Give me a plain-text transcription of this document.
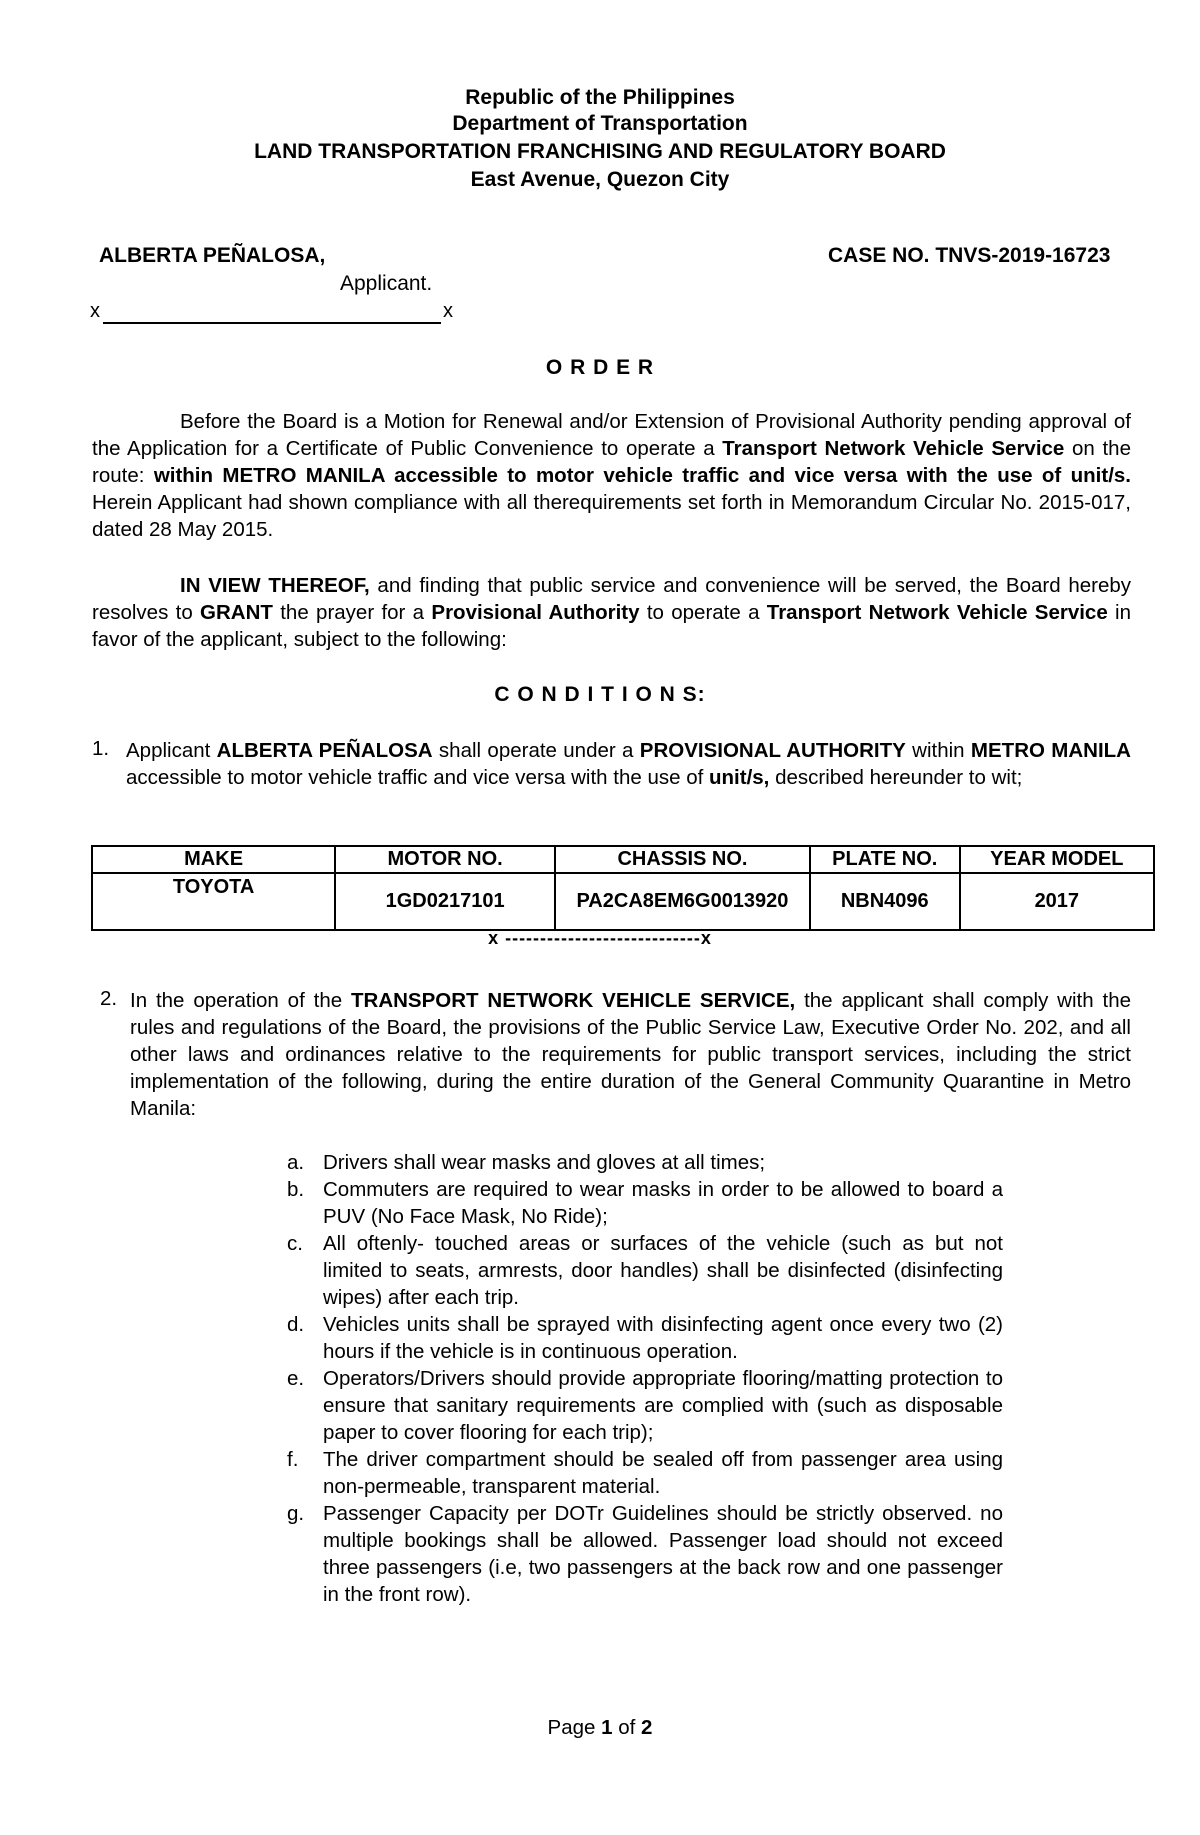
Republic of the Philippines
Department of Transportation
LAND TRANSPORTATION FRANCHISING AND REGULATORY BOARD
East Avenue, Quezon City
ALBERTA PEÑALOSA,	CASE NO. TNVS-2019-16723
Applicant.
x	x
O R D E R

Before the Board is a Motion for Renewal and/or Extension of Provisional Authority pending approval of the Application for a Certificate of Public Convenience to operate a Transport Network Vehicle Service on the route: within METRO MANILA accessible to motor vehicle traffic and vice versa with the use of unit/s. Herein Applicant had shown compliance with all therequirements set forth in Memorandum Circular No. 2015-017, dated 28 May 2015.

IN VIEW THEREOF, and finding that public service and convenience will be served, the Board hereby resolves to GRANT the prayer for a Provisional Authority to operate a Transport Network Vehicle Service in favor of the applicant, subject to the following:

C O N D I T I O N S:
1. Applicant ALBERTA PEÑALOSA shall operate under a PROVISIONAL AUTHORITY within METRO MANILA accessible to motor vehicle traffic and vice versa with the use of unit/s, described hereunder to wit;

MAKE	MOTOR NO.	CHASSIS NO.	PLATE NO.	YEAR MODEL
TOYOTA	1GD0217101	PA2CA8EM6G0013920	NBN4096	2017
x ----------------------------x
2. In the operation of the TRANSPORT NETWORK VEHICLE SERVICE, the applicant shall comply with the rules and regulations of the Board, the provisions of the Public Service Law, Executive Order No. 202, and all other laws and ordinances relative to the requirements for public transport services, including the strict implementation of the following, during the entire duration of the General Community Quarantine in Metro Manila:

a. Drivers shall wear masks and gloves at all times;
b. Commuters are required to wear masks in order to be allowed to board a PUV (No Face Mask, No Ride);
c. All oftenly- touched areas or surfaces of the vehicle (such as but not limited to seats, armrests, door handles) shall be disinfected (disinfecting wipes) after each trip.
d. Vehicles units shall be sprayed with disinfecting agent once every two (2) hours if the vehicle is in continuous operation.
e. Operators/Drivers should provide appropriate flooring/matting protection to ensure that sanitary requirements are complied with (such as disposable paper to cover flooring for each trip);
f. The driver compartment should be sealed off from passenger area using non-permeable, transparent material.
g. Passenger Capacity per DOTr Guidelines should be strictly observed. no multiple bookings shall be allowed. Passenger load should not exceed three passengers (i.e, two passengers at the back row and one passenger in the front row).
Page 1 of 2
